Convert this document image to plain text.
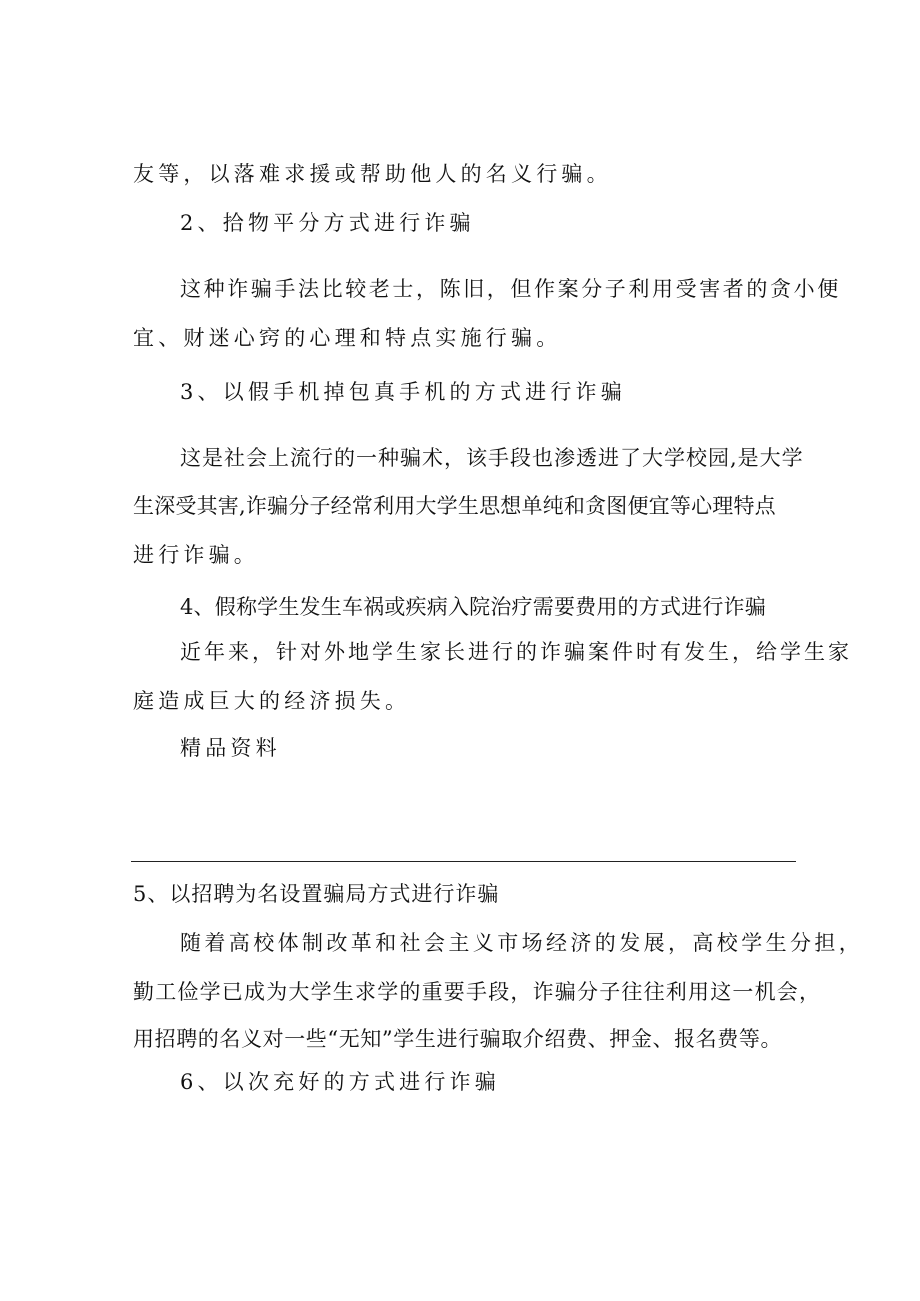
友等，以落难求援或帮助他人的名义行骗。
2、拾物平分方式进行诈骗
这种诈骗手法比较老士，陈旧，但作案分子利用受害者的贪小便
宜、财迷心窍的心理和特点实施行骗。
3、以假手机掉包真手机的方式进行诈骗
这是社会上流行的一种骗术，该手段也渗透进了大学校园,是大学
生深受其害,诈骗分子经常利用大学生思想单纯和贪图便宜等心理特点
进行诈骗。
4、假称学生发生车祸或疾病入院治疗需要费用的方式进行诈骗
近年来，针对外地学生家长进行的诈骗案件时有发生，给学生家
庭造成巨大的经济损失。
精品资料
5、以招聘为名设置骗局方式进行诈骗
随着高校体制改革和社会主义市场经济的发展，高校学生分担，
勤工俭学已成为大学生求学的重要手段，诈骗分子往往利用这一机会，
用招聘的名义对一些“无知”学生进行骗取介绍费、押金、报名费等。
6、以次充好的方式进行诈骗
